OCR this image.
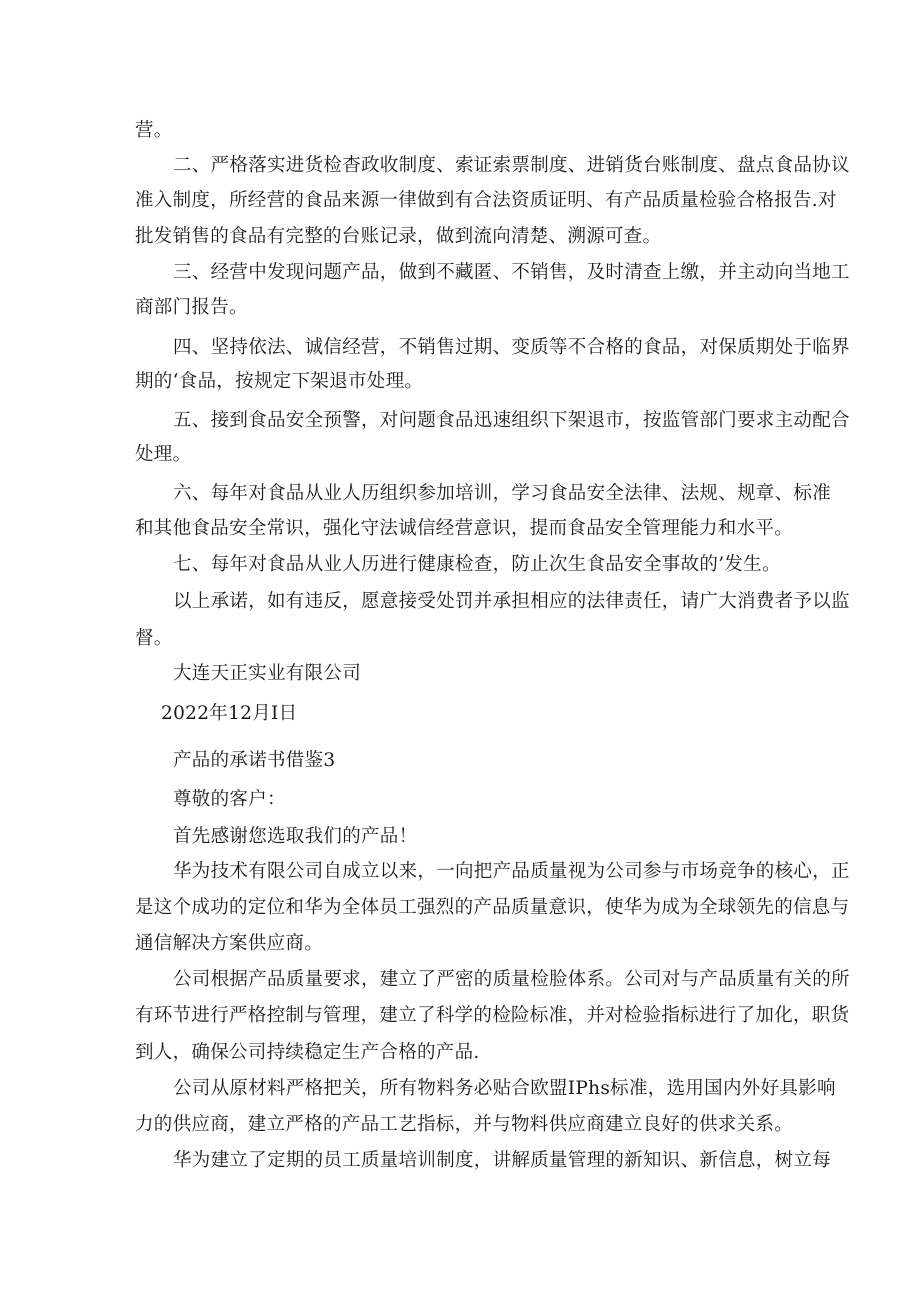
营。
二、严格落实进货检杳政收制度、索证索票制度、进销货台账制度、盘点食品协议
准入制度，所经营的食品来源一律做到有合法资质证明、有产品质量检验合格报告.对
批发销售的食品有完整的台账记录，做到流向清楚、溯源可查。
三、经营中发现问题产品，做到不藏匿、不销售，及时清查上缴，并主动向当地工
商部门报告。
四、坚持依法、诚信经营，不销售过期、变质等不合格的食品，对保质期处于临界
期的‘食品，按规定下架退市处理。
五、接到食品安全预警，对问题食品迅速组织下架退市，按监管部门要求主动配合
处理。
六、每年对食品从业人历组织参加培训，学习食品安全法律、法规、规章、标准
和其他食品安全常识，强化守法诚信经营意识，提而食品安全管理能力和水平。
七、每年对食品从业人历进行健康检查，防止次生食品安全事故的’发生。
以上承诺，如有违反，愿意接受处罚并承担相应的法律责任，请广大消费者予以监
督。
大连天正实业有限公司
2022年12月I日
产品的承诺书借鉴3
尊敬的客户：
首先感谢您选取我们的产品！
华为技术有限公司自成立以来，一向把产品质量视为公司参与市场竞争的核心，正
是这个成功的定位和华为全体员工强烈的产品质量意识，使华为成为全球领先的信息与
通信解决方案供应商。
公司根据产品质量要求，建立了严密的质量检脸体系。公司对与产品质量有关的所
有环节进行严格控制与管理，建立了科学的检险标准，并对检验指标进行了加化，职货
到人，确保公司持续稳定生产合格的产品.
公司从原材料严格把关，所有物料务必贴合欧盟IPhs标准，选用国内外好具影响
力的供应商，建立严格的产品工艺指标，并与物料供应商建立良好的供求关系。
华为建立了定期的员工质量培训制度，讲解质量管理的新知识、新信息，树立每
